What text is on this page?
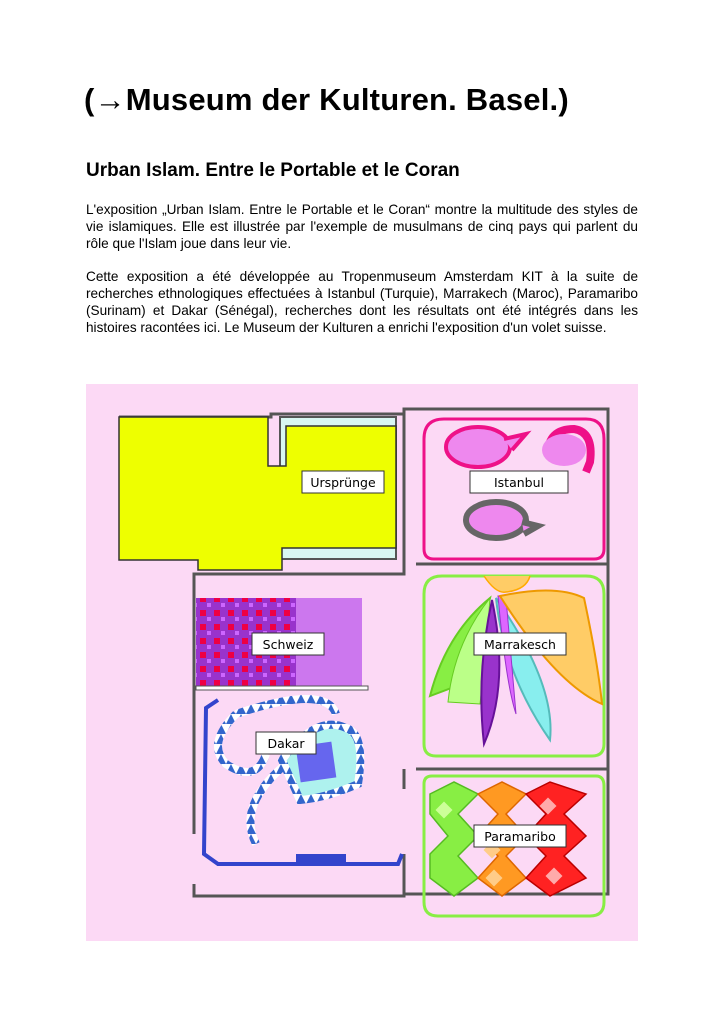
(→Museum der Kulturen. Basel.)
Urban Islam. Entre le Portable et le Coran

L'exposition „Urban Islam. Entre le Portable et le Coran“ montre la multitude des styles de vie islamiques. Elle est illustrée par l'exemple de musulmans de cinq pays qui parlent du rôle que l'Islam joue dans leur vie.

Cette exposition a été développée au Tropenmuseum Amsterdam KIT à la suite de recherches ethnologiques effectuées à Istanbul (Turquie), Marrakech (Maroc), Paramaribo (Surinam) et Dakar (Sénégal), recherches dont les résultats ont été intégrés dans les histoires racontées ici. Le Museum der Kulturen a enrichi l'exposition d'un volet suisse.

Ursprünge	Istanbul
Schweiz	Marrakesch
Dakar
Paramaribo
